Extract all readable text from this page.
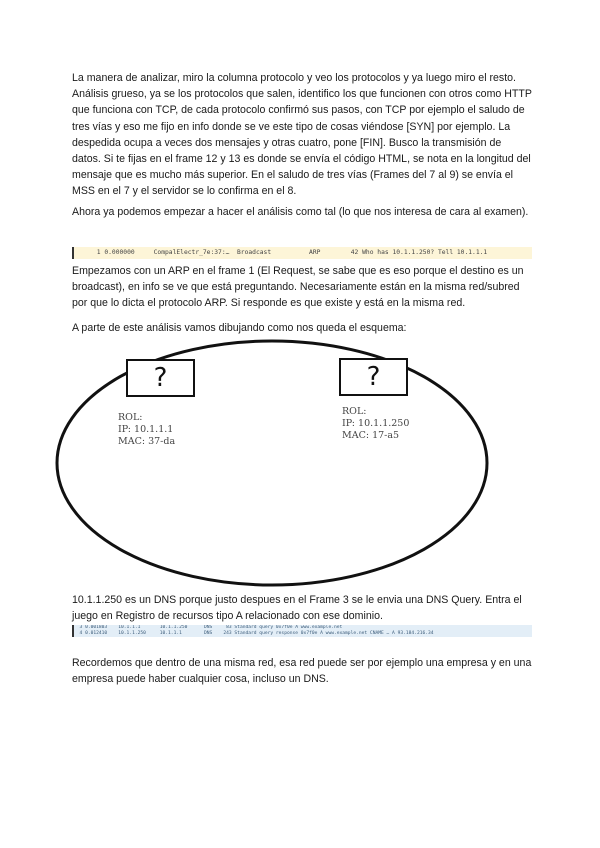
La manera de analizar, miro la columna protocolo y veo los protocolos y ya luego miro el resto. Análisis grueso, ya se los protocolos que salen, identifico los que funcionen con otros como HTTP que funciona con TCP, de cada protocolo confirmó sus pasos, con TCP por ejemplo el saludo de tres vías y eso me fijo en info donde se ve este tipo de cosas viéndose [SYN] por ejemplo. La despedida ocupa a veces dos mensajes y otras cuatro, pone [FIN]. Busco la transmisión de datos. Si te fijas en el frame 12 y 13 es donde se envía el código HTML, se nota en la longitud del mensaje que es mucho más superior. En el saludo de tres vías (Frames del 7 al 9) se envía el MSS en el 7 y el servidor se lo confirma en el 8.

Ahora ya podemos empezar a hacer el análisis como tal (lo que nos interesa de cara al examen).

1 0.000000     CompalElectr_7e:37:…  Broadcast          ARP        42 Who has 10.1.1.250? Tell 10.1.1.1

Empezamos con un ARP en el frame 1 (El Request, se sabe que es eso porque el destino es un broadcast), en info se ve que está preguntando. Necesariamente están en la misma red/subred por que lo dicta el protocolo ARP. Si responde es que existe y está en la misma red.

A parte de este análisis vamos dibujando como nos queda el esquema:

?
ROL:
IP: 10.1.1.1
MAC: 37-da
?
ROL:
IP: 10.1.1.250
MAC: 17-a5

10.1.1.250 es un DNS porque justo despues en el Frame 3 se le envia una DNS Query. Entra el juego en Registro de recursos tipo A relacionado con ese dominio.

3 0.001803    10.1.1.1       10.1.1.250      DNS     83 Standard query 0x7f0e A www.example.net
4 0.012410    10.1.1.250     10.1.1.1        DNS    243 Standard query response 0x7f0e A www.example.net CNAME … A 93.184.216.34

Recordemos que dentro de una misma red, esa red puede ser por ejemplo una empresa y en una empresa puede haber cualquier cosa, incluso un DNS.
